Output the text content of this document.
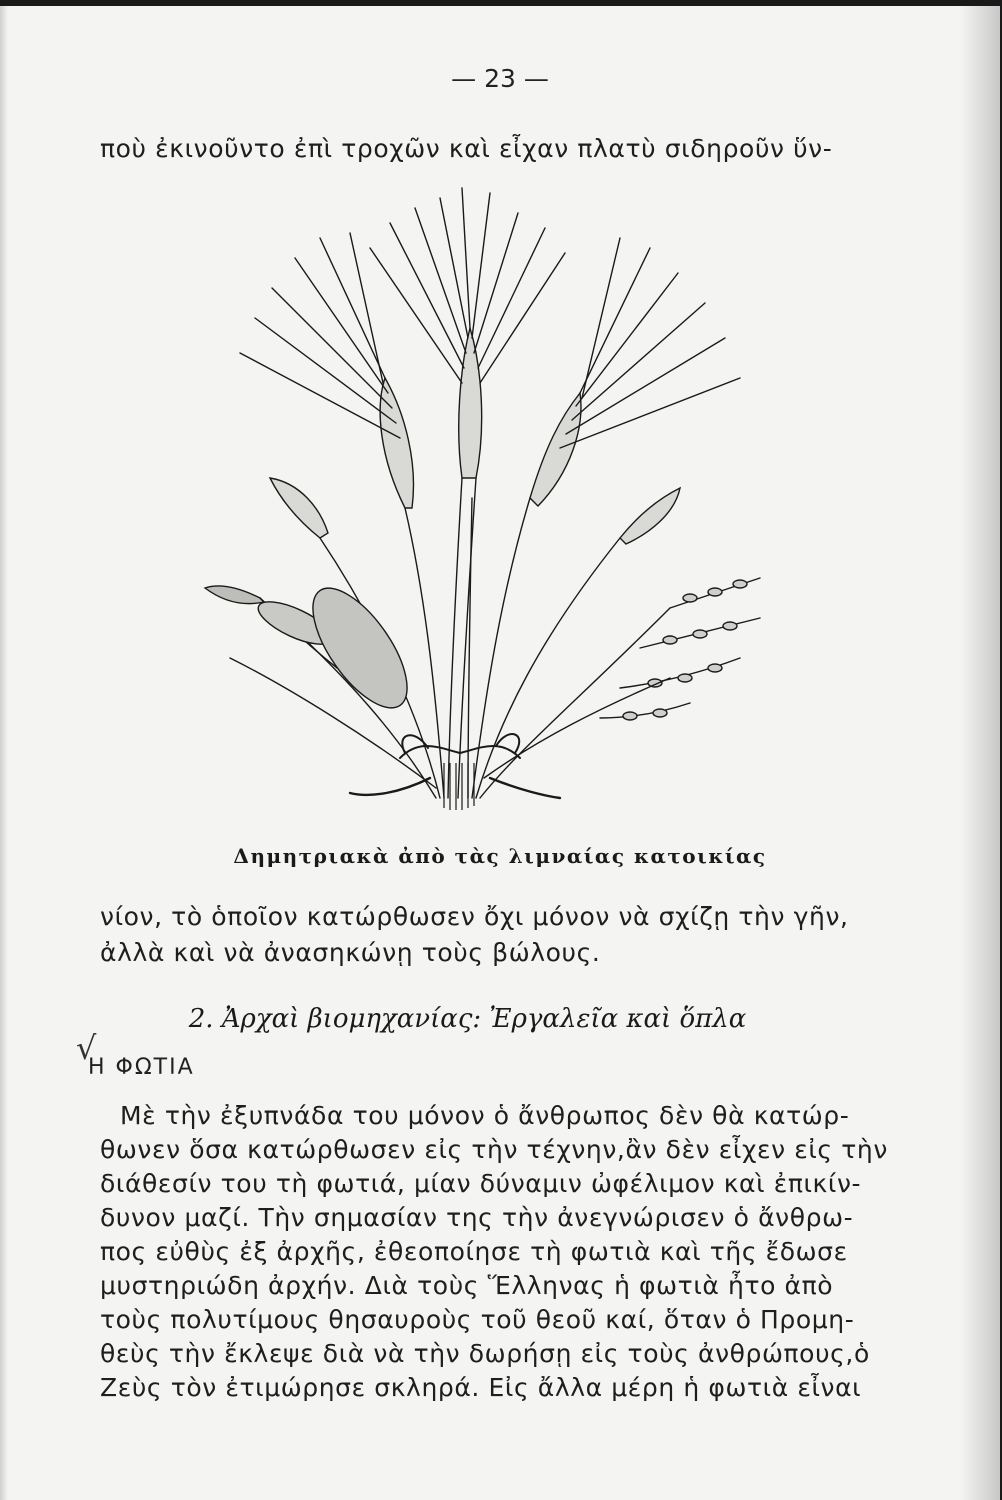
— 23 —
ποὺ ἐκινοῦντο ἐπὶ τροχῶν καὶ εἶχαν πλατὺ σιδηροῦν ὕν-
Δημητριακὰ ἀπὸ τὰς λιμναίας κατοικίας
νίον, τὸ ὁποῖον κατώρθωσεν ὄχι μόνον νὰ σχίζῃ τὴν γῆν,
ἀλλὰ καὶ νὰ ἀνασηκώνῃ τοὺς βώλους.
2. Ἀρχαὶ βιομηχανίας: Ἐργαλεῖα καὶ ὅπλα
√
Η ΦΩΤΙΑ
Μὲ τὴν ἐξυπνάδα του μόνον ὁ ἄνθρωπος δὲν θὰ κατώρ-
θωνεν ὅσα κατώρθωσεν εἰς τὴν τέχνην,ἂν δὲν εἶχεν εἰς τὴν
διάθεσίν του τὴ φωτιά, μίαν δύναμιν ὠφέλιμον καὶ ἐπικίν-
δυνον μαζί. Τὴν σημασίαν της τὴν ἀνεγνώρισεν ὁ ἄνθρω-
πος εὐθὺς ἐξ ἀρχῆς, ἐθεοποίησε τὴ φωτιὰ καὶ τῆς ἔδωσε
μυστηριώδη ἀρχήν. Διὰ τοὺς Ἕλληνας ἡ φωτιὰ ἦτο ἀπὸ
τοὺς πολυτίμους θησαυροὺς τοῦ θεοῦ καί, ὅταν ὁ Προμη-
θεὺς τὴν ἔκλεψε διὰ νὰ τὴν δωρήσῃ εἰς τοὺς ἀνθρώπους,ὁ
Ζεὺς τὸν ἐτιμώρησε σκληρά. Εἰς ἄλλα μέρη ἡ φωτιὰ εἶναι
